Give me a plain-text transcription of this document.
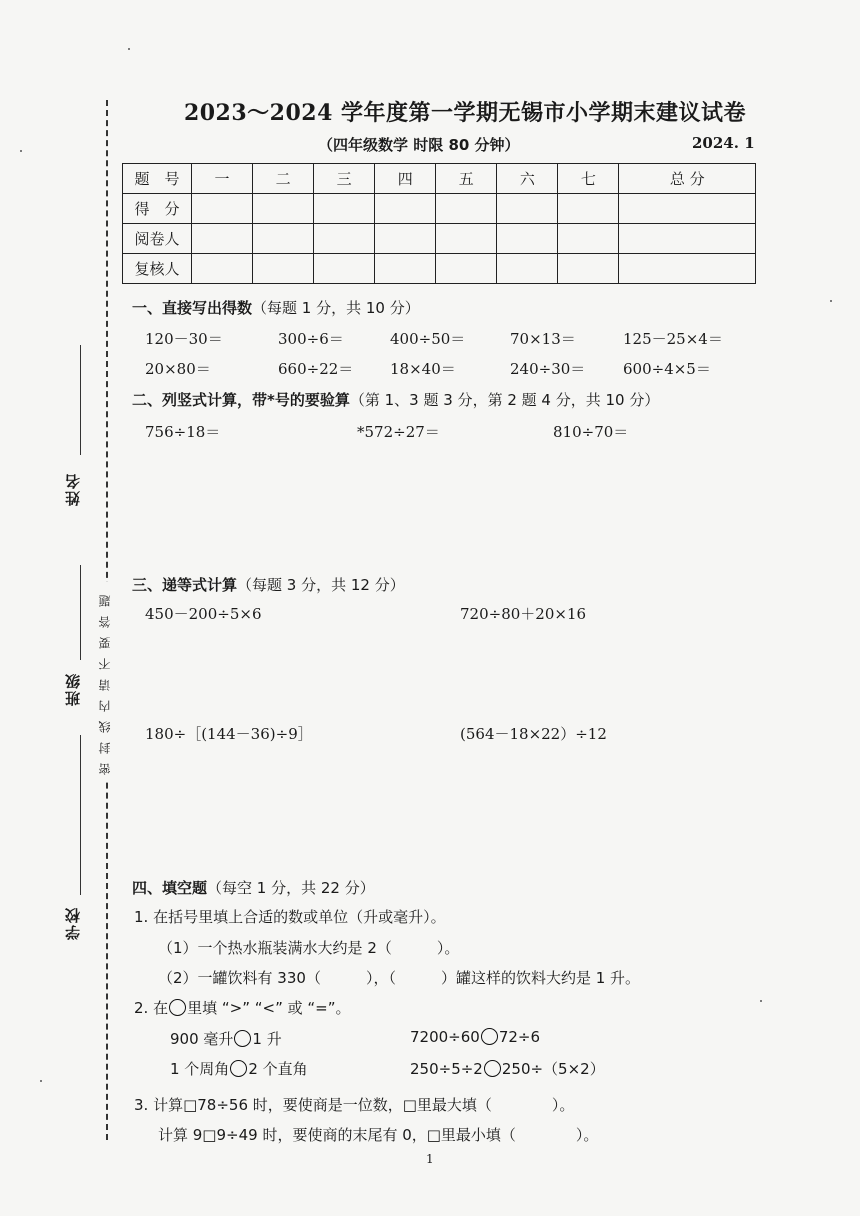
姓名
班级
学校
密封线内请不要答题
2023～2024 学年度第一学期无锡市小学期末建议试卷
（四年级数学 时限 80 分钟）	2024. 1
题　号	一	二	三	四	五	六	七	总 分
得　分								
阅卷人								
复核人								
一、直接写出得数（每题 1 分，共 10 分）
120－30＝	300÷6＝	400÷50＝	70×13＝	125－25×4＝
20×80＝	660÷22＝ 18×40＝	240÷30＝	600÷4×5＝
二、列竖式计算，带*号的要验算（第 1、3 题 3 分，第 2 题 4 分，共 10 分）
756÷18＝	*572÷27＝	810÷70＝
三、递等式计算（每题 3 分，共 12 分）
450－200÷5×6	720÷80＋20×16
180÷［(144－36)÷9］	(564－18×22）÷12
四、填空题（每空 1 分，共 22 分）
1. 在括号里填上合适的数或单位（升或毫升）。
（1）一个热水瓶装满水大约是 2（　　　）。
（2）一罐饮料有 330（　　　），（　　　）罐这样的饮料大约是 1 升。
2. 在 里填 “>” “<” 或 “=”。
900 毫升 1 升	7200÷60 72÷6
1 个周角 2 个直角	250÷5÷2 250÷（5×2）
3. 计算□78÷56 时，要使商是一位数，□里最大填（　　　　）。
计算 9□9÷49 时，要使商的末尾有 0，□里最小填（　　　　）。
1
